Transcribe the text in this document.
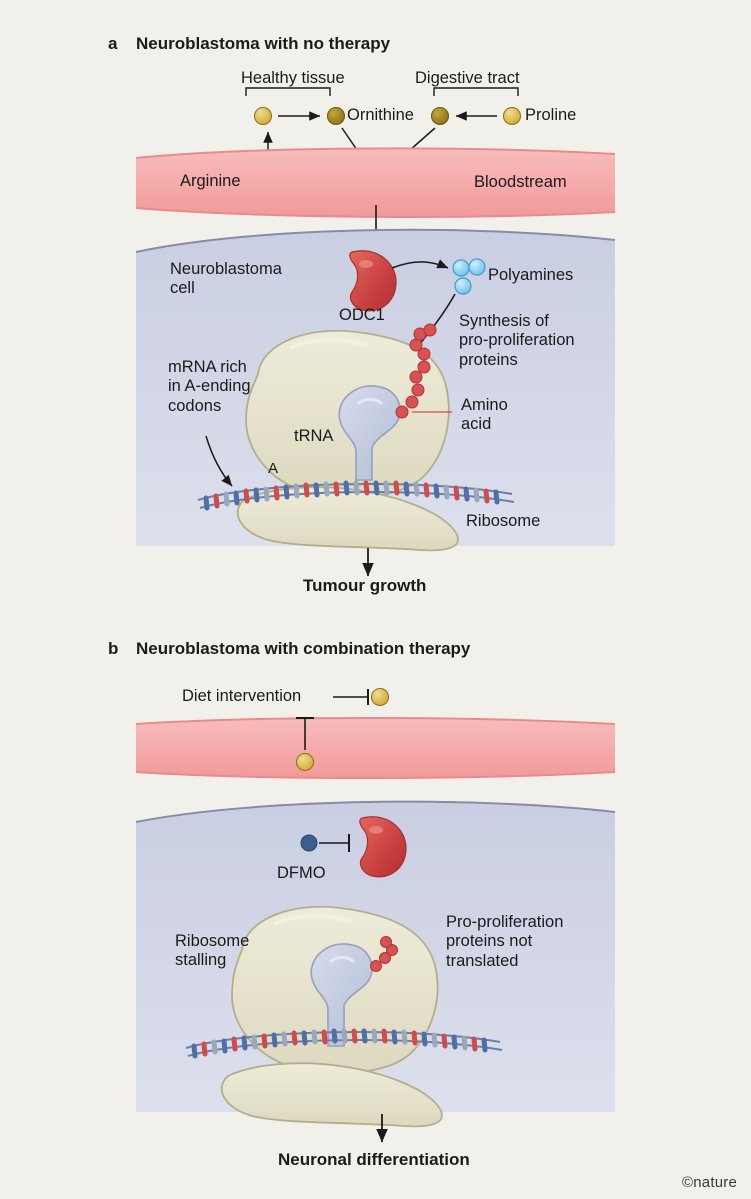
a Neuroblastoma with no therapy
Healthy tissue	Digestive tract
Ornithine	Proline
Arginine	Bloodstream
Neuroblastoma
cell
ODC1
Polyamines
Synthesis of
pro-proliferation
proteins
Amino
acid
mRNA rich
in A-ending
codons
tRNA
A
Ribosome
Tumour growth
b Neuroblastoma with combination therapy
Diet intervention
DFMO
Ribosome
stalling
Pro-proliferation
proteins not
translated
Neuronal differentiation
©nature
